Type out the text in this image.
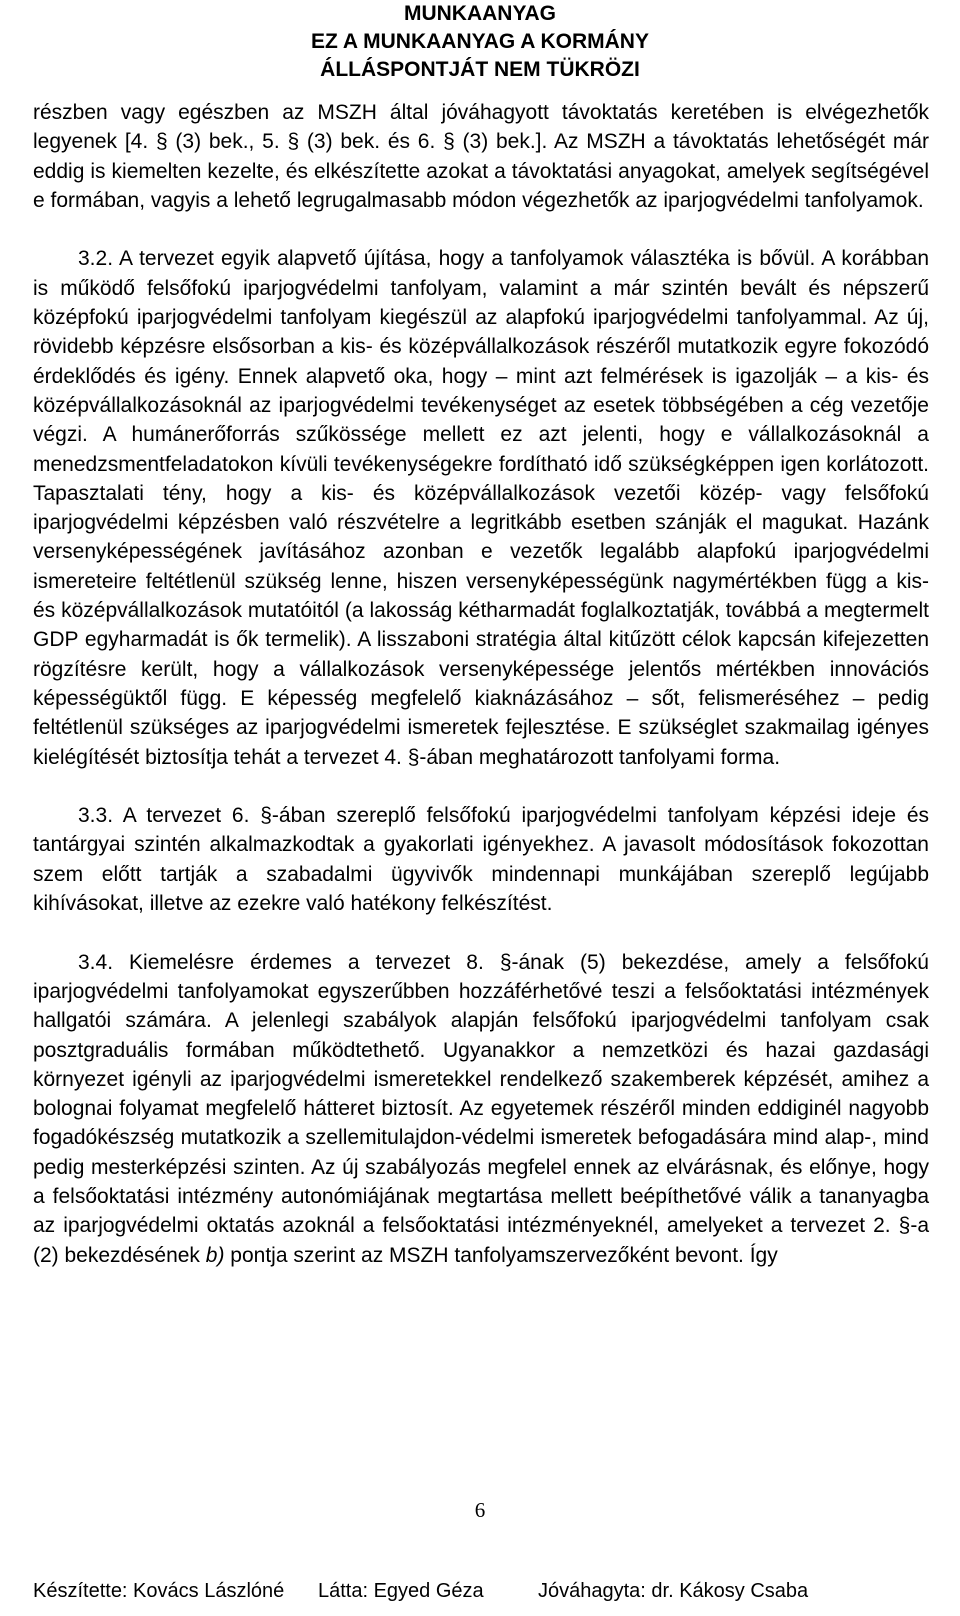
MUNKAANYAG
EZ A MUNKAANYAG A KORMÁNY
ÁLLÁSPONTJÁT NEM TÜKRÖZI

részben vagy egészben az MSZH által jóváhagyott távoktatás keretében is elvégezhetők legyenek [4. § (3) bek., 5. § (3) bek. és 6. § (3) bek.]. Az MSZH a távoktatás lehetőségét már eddig is kiemelten kezelte, és elkészítette azokat a távoktatási anyagokat, amelyek segítségével e formában, vagyis a lehető legrugalmasabb módon végezhetők az iparjogvédelmi tanfolyamok.

3.2. A tervezet egyik alapvető újítása, hogy a tanfolyamok választéka is bővül. A korábban is működő felsőfokú iparjogvédelmi tanfolyam, valamint a már szintén bevált és népszerű középfokú iparjogvédelmi tanfolyam kiegészül az alapfokú iparjogvédelmi tanfolyammal. Az új, rövidebb képzésre elsősorban a kis- és középvállalkozások részéről mutatkozik egyre fokozódó érdeklődés és igény. Ennek alapvető oka, hogy – mint azt felmérések is igazolják – a kis- és középvállalkozásoknál az iparjogvédelmi tevékenységet az esetek többségében a cég vezetője végzi. A humánerőforrás szűkössége mellett ez azt jelenti, hogy e vállalkozásoknál a menedzsmentfeladatokon kívüli tevékenységekre fordítható idő szükségképpen igen korlátozott. Tapasztalati tény, hogy a kis- és középvállalkozások vezetői közép- vagy felsőfokú iparjogvédelmi képzésben való részvételre a legritkább esetben szánják el magukat. Hazánk versenyképességének javításához azonban e vezetők legalább alapfokú iparjogvédelmi ismereteire feltétlenül szükség lenne, hiszen versenyképességünk nagymértékben függ a kis- és középvállalkozások mutatóitól (a lakosság kétharmadát foglalkoztatják, továbbá a megtermelt GDP egyharmadát is ők termelik). A lisszaboni stratégia által kitűzött célok kapcsán kifejezetten rögzítésre került, hogy a vállalkozások versenyképessége jelentős mértékben innovációs képességüktől függ. E képesség megfelelő kiaknázásához – sőt, felismeréséhez – pedig feltétlenül szükséges az iparjogvédelmi ismeretek fejlesztése. E szükséglet szakmailag igényes kielégítését biztosítja tehát a tervezet 4. §-ában meghatározott tanfolyami forma.

3.3. A tervezet 6. §-ában szereplő felsőfokú iparjogvédelmi tanfolyam képzési ideje és tantárgyai szintén alkalmazkodtak a gyakorlati igényekhez. A javasolt módosítások fokozottan szem előtt tartják a szabadalmi ügyvivők mindennapi munkájában szereplő legújabb kihívásokat, illetve az ezekre való hatékony felkészítést.

3.4. Kiemelésre érdemes a tervezet 8. §-ának (5) bekezdése, amely a felsőfokú iparjogvédelmi tanfolyamokat egyszerűbben hozzáférhetővé teszi a felsőoktatási intézmények hallgatói számára. A jelenlegi szabályok alapján felsőfokú iparjogvédelmi tanfolyam csak posztgraduális formában működtethető. Ugyanakkor a nemzetközi és hazai gazdasági környezet igényli az iparjogvédelmi ismeretekkel rendelkező szakemberek képzését, amihez a bolognai folyamat megfelelő hátteret biztosít. Az egyetemek részéről minden eddiginél nagyobb fogadókészség mutatkozik a szellemitulajdon-védelmi ismeretek befogadására mind alap-, mind pedig mesterképzési szinten. Az új szabályozás megfelel ennek az elvárásnak, és előnye, hogy a felsőoktatási intézmény autonómiájának megtartása mellett beépíthetővé válik a tananyagba az iparjogvédelmi oktatás azoknál a felsőoktatási intézményeknél, amelyeket a tervezet 2. §-a (2) bekezdésének b) pontja szerint az MSZH tanfolyamszervezőként bevont. Így

6
Készítette: Kovács Lászlóné Látta: Egyed Géza	Jóváhagyta: dr. Kákosy Csaba
